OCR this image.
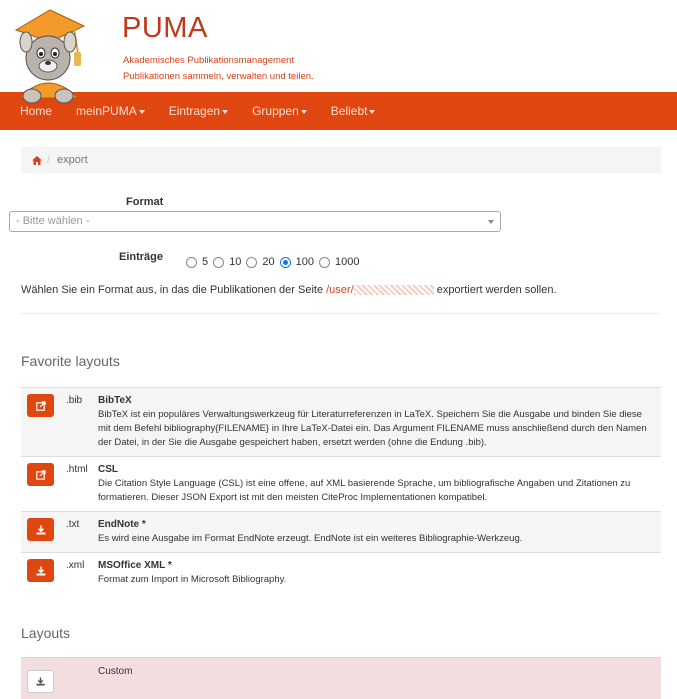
PUMA
Akademisches Publikationsmanagement
Publikationen sammeln, verwalten und teilen.
Home meinPUMA	Eintragen	Gruppen	Beliebt
/ export
Format
- Bitte wählen -
Einträge	5 10 20 100 1000
Wählen Sie ein Format aus, in das die Publikationen der Seite /user/	exportiert werden sollen.
Favorite layouts
.bib	BibTeX
BibTeX ist ein populäres Verwaltungswerkzeug für Literaturreferenzen in LaTeX. Speichern Sie die Ausgabe und binden Sie diese mit dem Befehl bibliography{FILENAME} in Ihre LaTeX-Datei ein. Das Argument FILENAME muss anschließend durch den Namen der Datei, in der Sie die Ausgabe gespeichert haben, ersetzt werden (ohne die Endung .bib).
.html	CSL
Die Citation Style Language (CSL) ist eine offene, auf XML basierende Sprache, um bibliografische Angaben und Zitationen zu formatieren. Dieser JSON Export ist mit den meisten CiteProc Implementationen kompatibel.
.txt	EndNote *
Es wird eine Ausgabe im Format EndNote erzeugt. EndNote ist ein weiteres Bibliographie-Werkzeug.
.xml	MSOffice XML *
Format zum Import in Microsoft Bibliography.
Layouts
Custom
